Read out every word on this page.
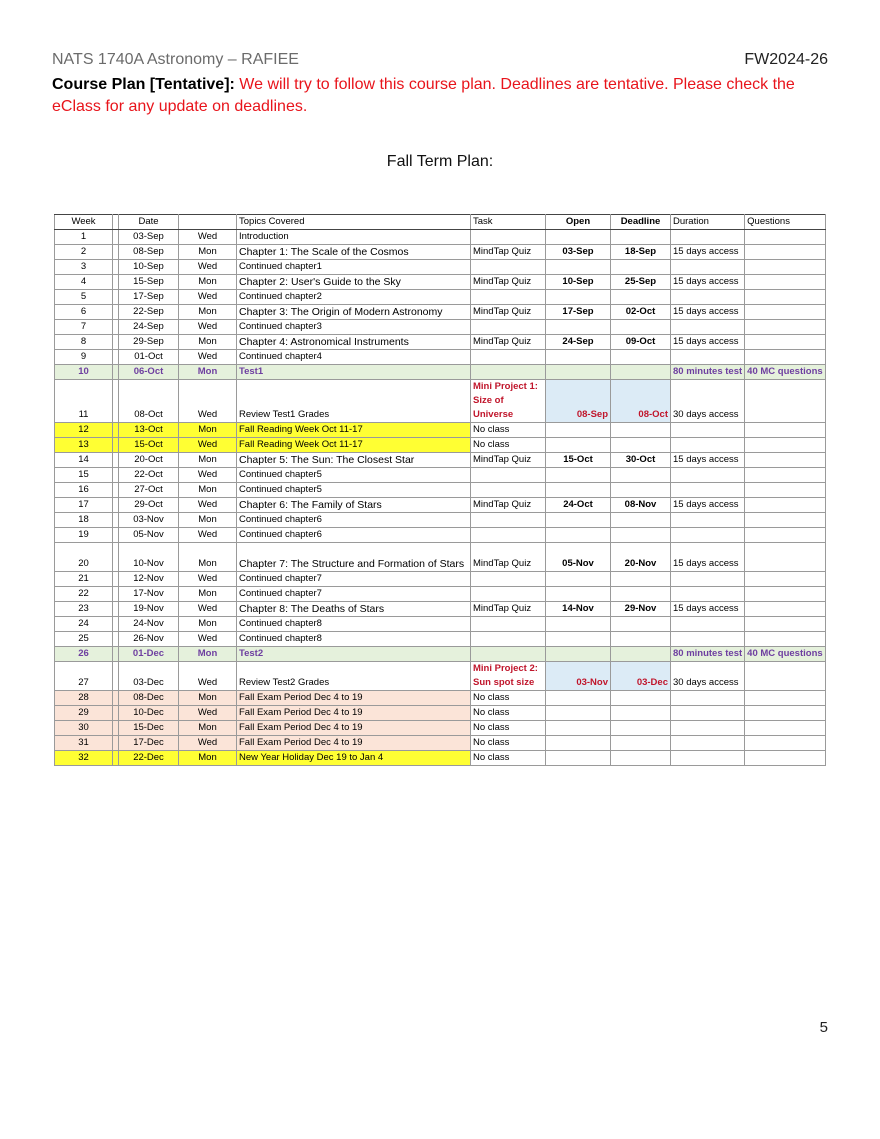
NATS 1740A Astronomy – RAFIEE	FW2024-26
Course Plan [Tentative]: We will try to follow this course plan. Deadlines are tentative. Please check the eClass for any update on deadlines.
Fall Term Plan:
Week		Date		Topics Covered	Task	Open	Deadline	Duration	Questions
1		03-Sep	Wed	Introduction					
2		08-Sep	Mon	Chapter 1: The Scale of the Cosmos	MindTap Quiz	03-Sep	18-Sep	15 days access	
3		10-Sep	Wed	Continued chapter1					
4		15-Sep	Mon	Chapter 2: User's Guide to the Sky	MindTap Quiz	10-Sep	25-Sep	15 days access	
5		17-Sep	Wed	Continued chapter2					
6		22-Sep	Mon	Chapter 3: The Origin of Modern Astronomy	MindTap Quiz	17-Sep	02-Oct	15 days access	
7		24-Sep	Wed	Continued chapter3					
8		29-Sep	Mon	Chapter 4: Astronomical Instruments	MindTap Quiz	24-Sep	09-Oct	15 days access	
9		01-Oct	Wed	Continued chapter4					
10		06-Oct	Mon	Test1				80 minutes test	40 MC questions
11		08-Oct	Wed	Review Test1 Grades	Mini Project 1: Size of Universe	08-Sep	08-Oct	30 days access	
12		13-Oct	Mon	Fall Reading Week Oct 11-17	No class				
13		15-Oct	Wed	Fall Reading Week Oct 11-17	No class				
14		20-Oct	Mon	Chapter 5: The Sun: The Closest Star	MindTap Quiz	15-Oct	30-Oct	15 days access	
15		22-Oct	Wed	Continued chapter5					
16		27-Oct	Mon	Continued chapter5					
17		29-Oct	Wed	Chapter 6: The Family of Stars	MindTap Quiz	24-Oct	08-Nov	15 days access	
18		03-Nov	Mon	Continued chapter6					
19		05-Nov	Wed	Continued chapter6					
20		10-Nov	Mon	Chapter 7: The Structure and Formation of Stars	MindTap Quiz	05-Nov	20-Nov	15 days access	
21		12-Nov	Wed	Continued chapter7					
22		17-Nov	Mon	Continued chapter7					
23		19-Nov	Wed	Chapter 8: The Deaths of Stars	MindTap Quiz	14-Nov	29-Nov	15 days access	
24		24-Nov	Mon	Continued chapter8					
25		26-Nov	Wed	Continued chapter8					
26		01-Dec	Mon	Test2				80 minutes test	40 MC questions
27		03-Dec	Wed	Review Test2 Grades	Mini Project 2: Sun spot size	03-Nov	03-Dec	30 days access	
28		08-Dec	Mon	Fall Exam Period Dec 4 to 19	No class				
29		10-Dec	Wed	Fall Exam Period Dec 4 to 19	No class				
30		15-Dec	Mon	Fall Exam Period Dec 4 to 19	No class				
31		17-Dec	Wed	Fall Exam Period Dec 4 to 19	No class				
32		22-Dec	Mon	New Year Holiday Dec 19 to Jan 4	No class				
5
